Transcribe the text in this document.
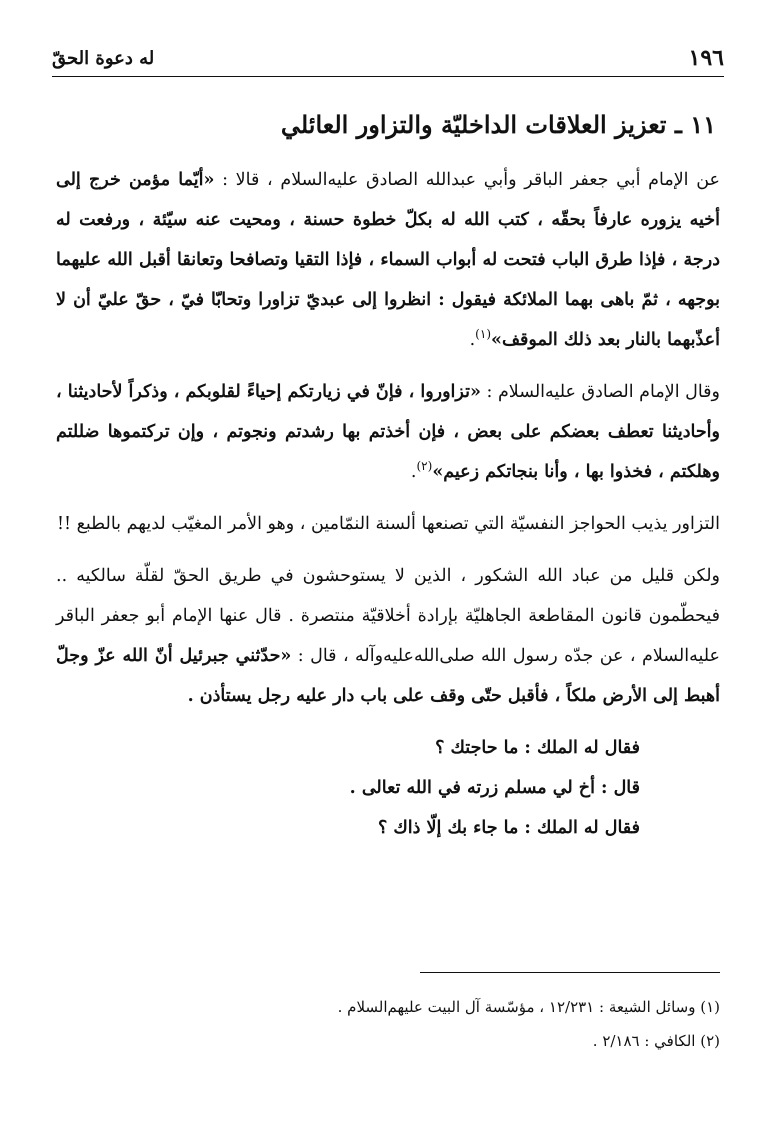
١٩٦
له دعوة الحقّ
١١ ـ تعزيز العلاقات الداخليّة والتزاور العائلي

عن الإمام أبي جعفر الباقر وأبي عبدالله الصادق عليه‌السلام ، قالا : «أيّما مؤمن خرج إلى أخيه يزوره عارفاً بحقّه ، كتب الله له بكلّ خطوة حسنة ، ومحيت عنه سيّئة ، ورفعت له درجة ، فإذا طرق الباب فتحت له أبواب السماء ، فإذا التقيا وتصافحا وتعانقا أقبل الله عليهما بوجهه ، ثمّ باهى بهما الملائكة فيقول : انظروا إلى عبديّ تزاورا وتحابّا فيّ ، حقّ عليّ أن لا أعذّبهما بالنار بعد ذلك الموقف»$^{(١)}$.

وقال الإمام الصادق عليه‌السلام : «تزاوروا ، فإنّ في زيارتكم إحياءً لقلوبكم ، وذكراً لأحاديثنا ، وأحاديثنا تعطف بعضكم على بعض ، فإن أخذتم بها رشدتم ونجوتم ، وإن تركتموها ضللتم وهلكتم ، فخذوا بها ، وأنا بنجاتكم زعيم»$^{(٢)}$.

التزاور يذيب الحواجز النفسيّة التي تصنعها ألسنة النمّامين ، وهو الأمر المغيّب لديهم بالطبع !!

ولكن قليل من عباد الله الشكور ، الذين لا يستوحشون في طريق الحقّ لقلّة سالكيه .. فيحطّمون قانون المقاطعة الجاهليّة بإرادة أخلاقيّة منتصرة . قال عنها الإمام أبو جعفر الباقر عليه‌السلام ، عن جدّه رسول الله صلى‌الله‌عليه‌وآله ، قال : «حدّثني جبرئيل أنّ الله عزّ وجلّ أهبط إلى الأرض ملكاً ، فأقبل حتّى وقف على باب دار عليه رجل يستأذن .

فقال له الملك : ما حاجتك ؟

قال : أخ لي مسلم زرته في الله تعالى .

فقال له الملك : ما جاء بك إلّا ذاك ؟

(١) وسائل الشيعة : ١٢/٢٣١ ، مؤسّسة آل البيت عليهم‌السلام .
(٢) الكافي : ٢/١٨٦ .
